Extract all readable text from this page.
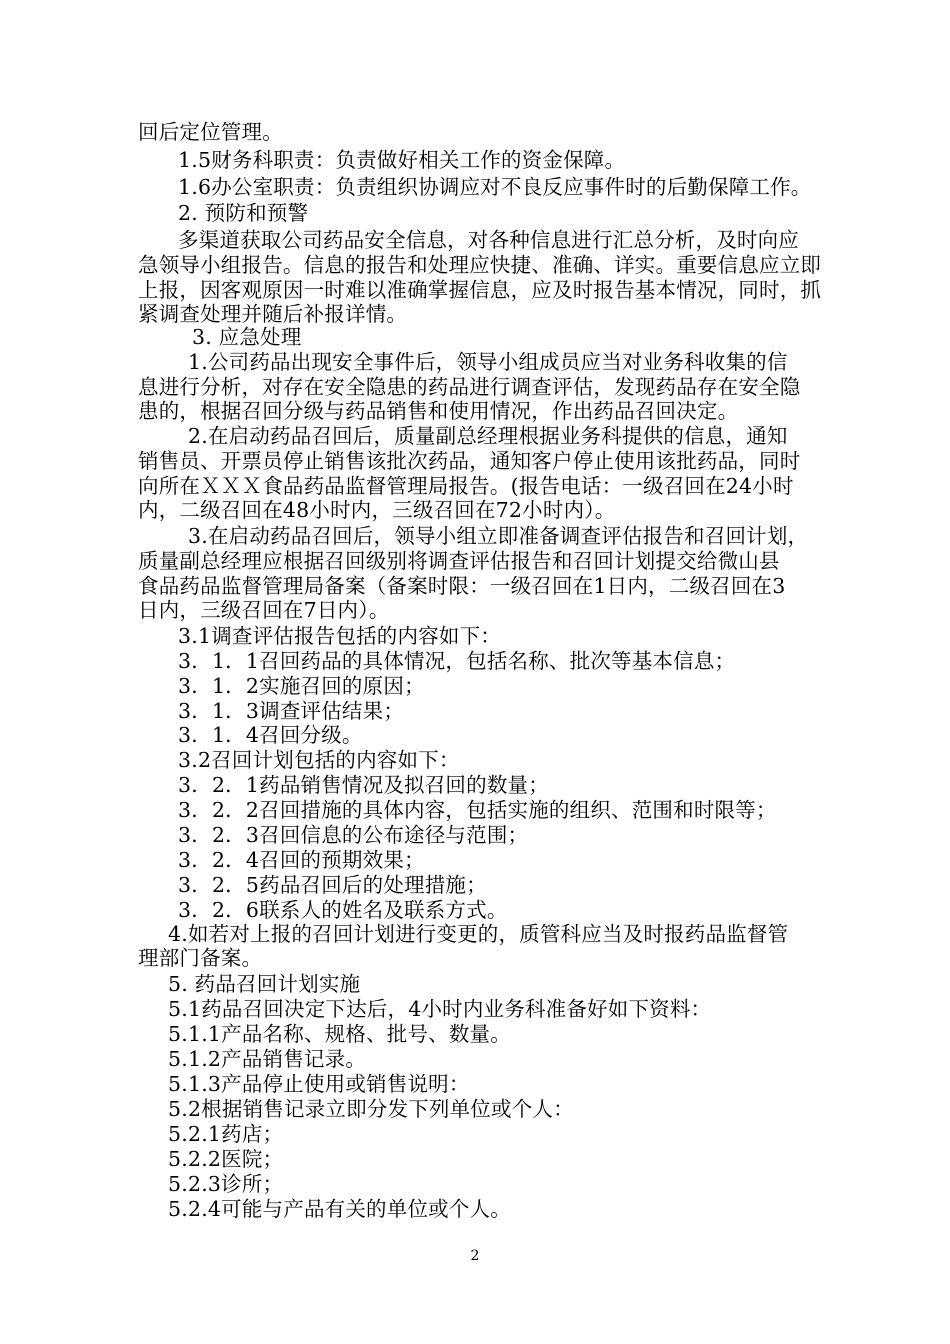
回后定位管理。
1.5财务科职责：负责做好相关工作的资金保障。
1.6办公室职责：负责组织协调应对不良反应事件时的后勤保障工作。
2. 预防和预警
多渠道获取公司药品安全信息，对各种信息进行汇总分析，及时向应
急领导小组报告。信息的报告和处理应快捷、准确、详实。重要信息应立即
上报，因客观原因一时难以准确掌握信息，应及时报告基本情况，同时，抓
紧调查处理并随后补报详情。
3. 应急处理
1.公司药品出现安全事件后，领导小组成员应当对业务科收集的信
息进行分析，对存在安全隐患的药品进行调查评估，发现药品存在安全隐
患的，根据召回分级与药品销售和使用情况，作出药品召回决定。
2.在启动药品召回后，质量副总经理根据业务科提供的信息，通知
销售员、开票员停止销售该批次药品，通知客户停止使用该批药品，同时
向所在ＸＸＸ食品药品监督管理局报告。(报告电话：一级召回在24小时
内，二级召回在48小时内，三级召回在72小时内）。
3.在启动药品召回后，领导小组立即准备调查评估报告和召回计划，
质量副总经理应根据召回级别将调查评估报告和召回计划提交给微山县
食品药品监督管理局备案（备案时限：一级召回在1日内，二级召回在3
日内，三级召回在7日内）。
3.1调查评估报告包括的内容如下：
3．1．1召回药品的具体情况，包括名称、批次等基本信息；
3．1．2实施召回的原因；
3．1．3调查评估结果；
3．1．4召回分级。
3.2召回计划包括的内容如下：
3．2．1药品销售情况及拟召回的数量；
3．2．2召回措施的具体内容，包括实施的组织、范围和时限等；
3．2．3召回信息的公布途径与范围；
3．2．4召回的预期效果；
3．2．5药品召回后的处理措施；
3．2．6联系人的姓名及联系方式。
4.如若对上报的召回计划进行变更的，质管科应当及时报药品监督管
理部门备案。
5. 药品召回计划实施
5.1药品召回决定下达后，4小时内业务科准备好如下资料：
5.1.1产品名称、规格、批号、数量。
5.1.2产品销售记录。
5.1.3产品停止使用或销售说明：
5.2根据销售记录立即分发下列单位或个人：
5.2.1药店；
5.2.2医院；
5.2.3诊所；
5.2.4可能与产品有关的单位或个人。
2
